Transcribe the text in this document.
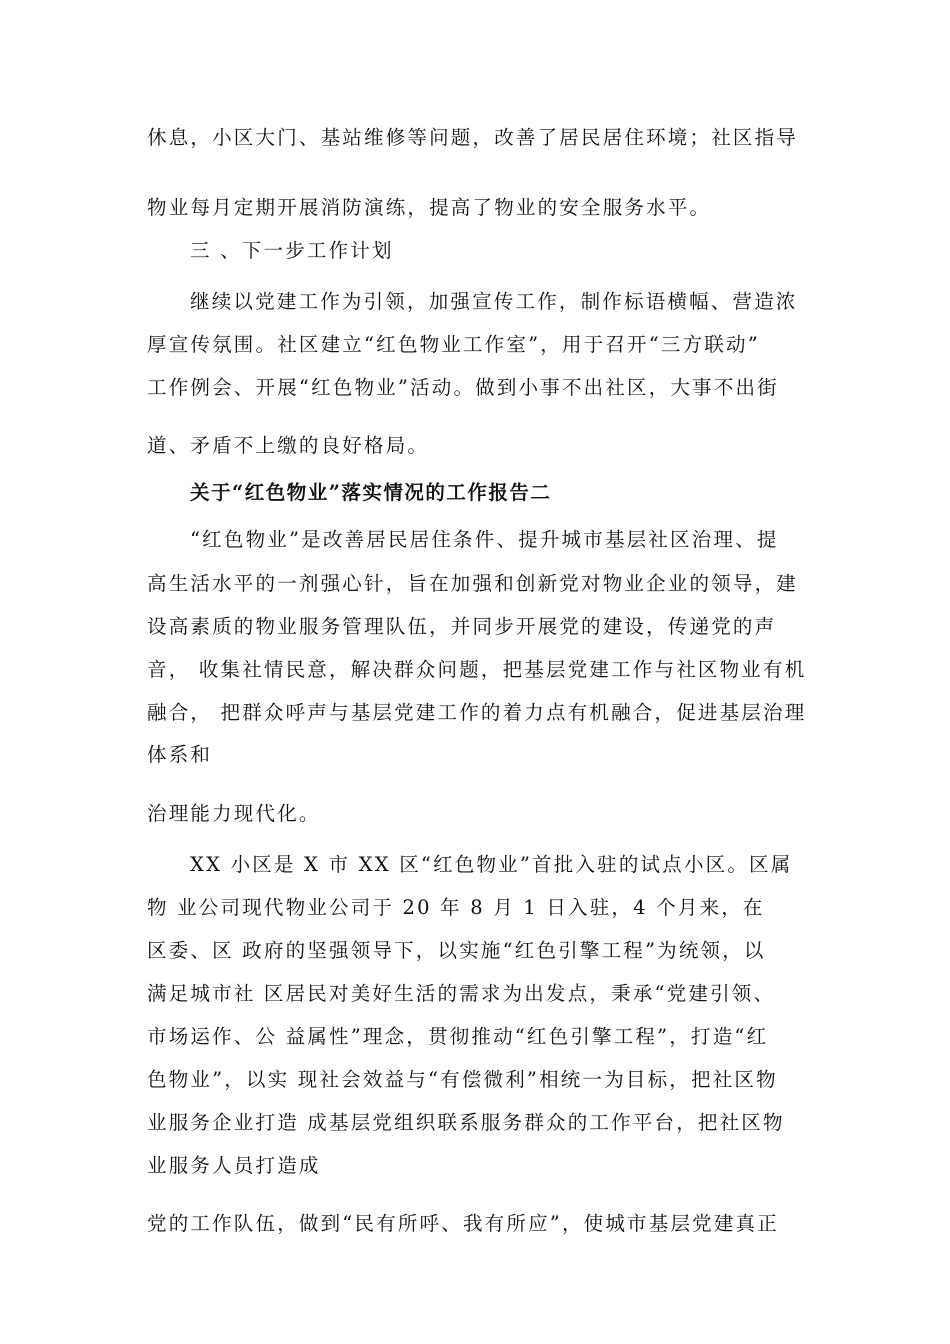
休息，小区大门、基站维修等问题，改善了居民居住环境；社区指导
物业每月定期开展消防演练，提高了物业的安全服务水平。
三 、下一步工作计划
继续以党建工作为引领，加强宣传工作，制作标语横幅、营造浓
厚宣传氛围。社区建立“红色物业工作室”，用于召开“三方联动”
工作例会、开展“红色物业”活动。做到小事不出社区，大事不出街
道、矛盾不上缴的良好格局。
关于“红色物业”落实情况的工作报告二
“红色物业”是改善居民居住条件、提升城市基层社区治理、提
高生活水平的一剂强心针，旨在加强和创新党对物业企业的领导，建
设高素质的物业服务管理队伍，并同步开展党的建设，传递党的声
音， 收集社情民意，解决群众问题，把基层党建工作与社区物业有机
融合， 把群众呼声与基层党建工作的着力点有机融合，促进基层治理
体系和
治理能力现代化。
XX 小区是 X 市 XX 区“红色物业”首批入驻的试点小区。区属
物 业公司现代物业公司于 20 年 8 月 1 日入驻，4 个月来，在
区委、区 政府的坚强领导下，以实施“红色引擎工程”为统领，以
满足城市社 区居民对美好生活的需求为出发点，秉承“党建引领、
市场运作、公 益属性”理念，贯彻推动“红色引擎工程”，打造“红
色物业”，以实 现社会效益与“有偿微利”相统一为目标，把社区物
业服务企业打造 成基层党组织联系服务群众的工作平台，把社区物
业服务人员打造成
党的工作队伍，做到“民有所呼、我有所应”，使城市基层党建真正
